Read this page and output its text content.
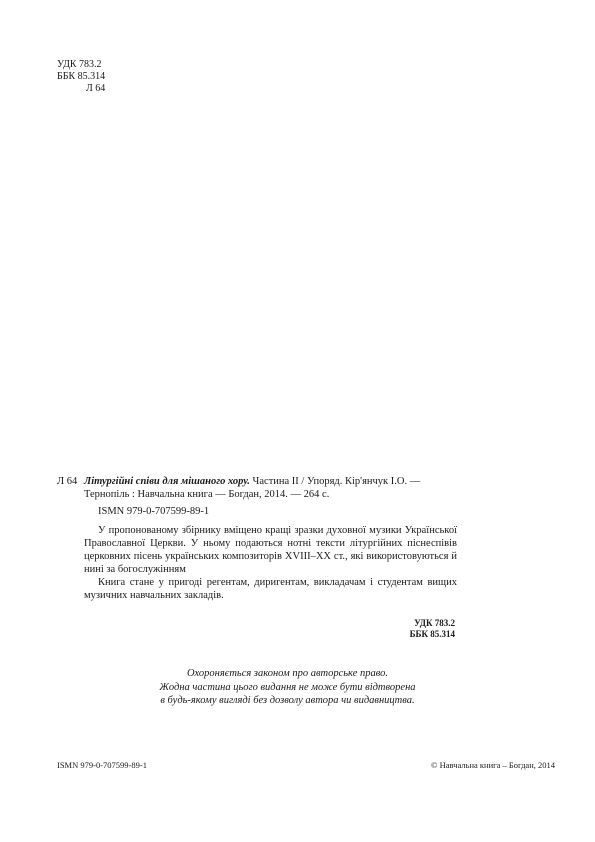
УДК 783.2
ББК 85.314
Л 64
Л 64 Літургійні співи для мішаного хору. Частина II / Упоряд. Кір'янчук І.О. — Тернопіль : Навчальна книга — Богдан, 2014. — 264 с.
ISMN 979-0-707599-89-1

У пропонованому збірнику вміщено кращі зразки духовної музики Української Православної Церкви. У ньому подаються нотні тексти літургійних піснеспівів церковних пісень українських композиторів XVIII–XX ст., які використовуються й нині за богослужінням

Книга стане у пригоді регентам, диригентам, викладачам і студентам вищих музичних навчальних закладів.

УДК 783.2
ББК 85.314
Охороняється законом про авторське право.
Жодна частина цього видання не може бути відтворена
в будь-якому вигляді без дозволу автора чи видавництва.
ISMN 979-0-707599-89-1	© Навчальна книга – Богдан, 2014
